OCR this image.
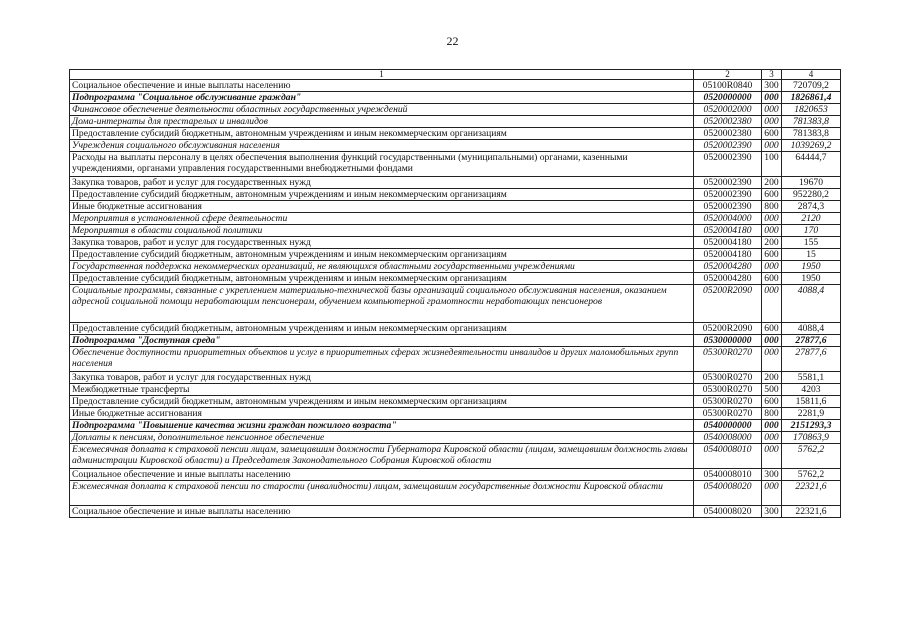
22
1	2	3	4
Социальное обеспечение и иные выплаты населению	05100R0840	300	720709,2
Подпрограмма "Социальное обслуживание граждан"	0520000000	000	1826861,4
Финансовое обеспечение деятельности областных государственных учреждений	0520002000	000	1820653
Дома-интернаты для престарелых и инвалидов	0520002380	000	781383,8
Предоставление субсидий бюджетным, автономным учреждениям и иным некоммерческим организациям	0520002380	600	781383,8
Учреждения социального обслуживания населения	0520002390	000	1039269,2
Расходы на выплаты персоналу в целях обеспечения выполнения функций государственными (муниципальными) органами, казенными учреждениями, органами управления государственными внебюджетными фондами	0520002390	100	64444,7
Закупка товаров, работ и услуг для государственных нужд	0520002390	200	19670
Предоставление субсидий бюджетным, автономным учреждениям и иным некоммерческим организациям	0520002390	600	952280,2
Иные бюджетные ассигнования	0520002390	800	2874,3
Мероприятия в установленной сфере деятельности	0520004000	000	2120
Мероприятия в области социальной политики	0520004180	000	170
Закупка товаров, работ и услуг для государственных нужд	0520004180	200	155
Предоставление субсидий бюджетным, автономным учреждениям и иным некоммерческим организациям	0520004180	600	15
Государственная поддержка некоммерческих организаций, не являющихся областными государственными учреждениями	0520004280	000	1950
Предоставление субсидий бюджетным, автономным учреждениям и иным некоммерческим организациям	0520004280	600	1950
Социальные программы, связанные с укреплением материально-технической базы организаций социального обслуживания населения, оказанием адресной социальной помощи неработающим пенсионерам, обучением компьютерной грамотности неработающих пенсионеров	05200R2090	000	4088,4
Предоставление субсидий бюджетным, автономным учреждениям и иным некоммерческим организациям	05200R2090	600	4088,4
Подпрограмма "Доступная среда"	0530000000	000	27877,6
Обеспечение доступности приоритетных объектов и услуг в приоритетных сферах жизнедеятельности инвалидов и других маломобильных групп населения	05300R0270	000	27877,6
Закупка товаров, работ и услуг для государственных нужд	05300R0270	200	5581,1
Межбюджетные трансферты	05300R0270	500	4203
Предоставление субсидий бюджетным, автономным учреждениям и иным некоммерческим организациям	05300R0270	600	15811,6
Иные бюджетные ассигнования	05300R0270	800	2281,9
Подпрограмма "Повышение качества жизни граждан пожилого возраста"	0540000000	000	2151293,3
Доплаты к пенсиям, дополнительное пенсионное обеспечение	0540008000	000	170863,9
Ежемесячная доплата к страховой пенсии лицам, замещавшим должности Губернатора Кировской области (лицам, замещавшим должность главы администрации Кировской области) и Председателя Законодательного Собрания Кировской области	0540008010	000	5762,2
Социальное обеспечение и иные выплаты населению	0540008010	300	5762,2
Ежемесячная доплата к страховой пенсии по старости (инвалидности) лицам, замещавшим государственные должности Кировской области	0540008020	000	22321,6
Социальное обеспечение и иные выплаты населению	0540008020	300	22321,6
